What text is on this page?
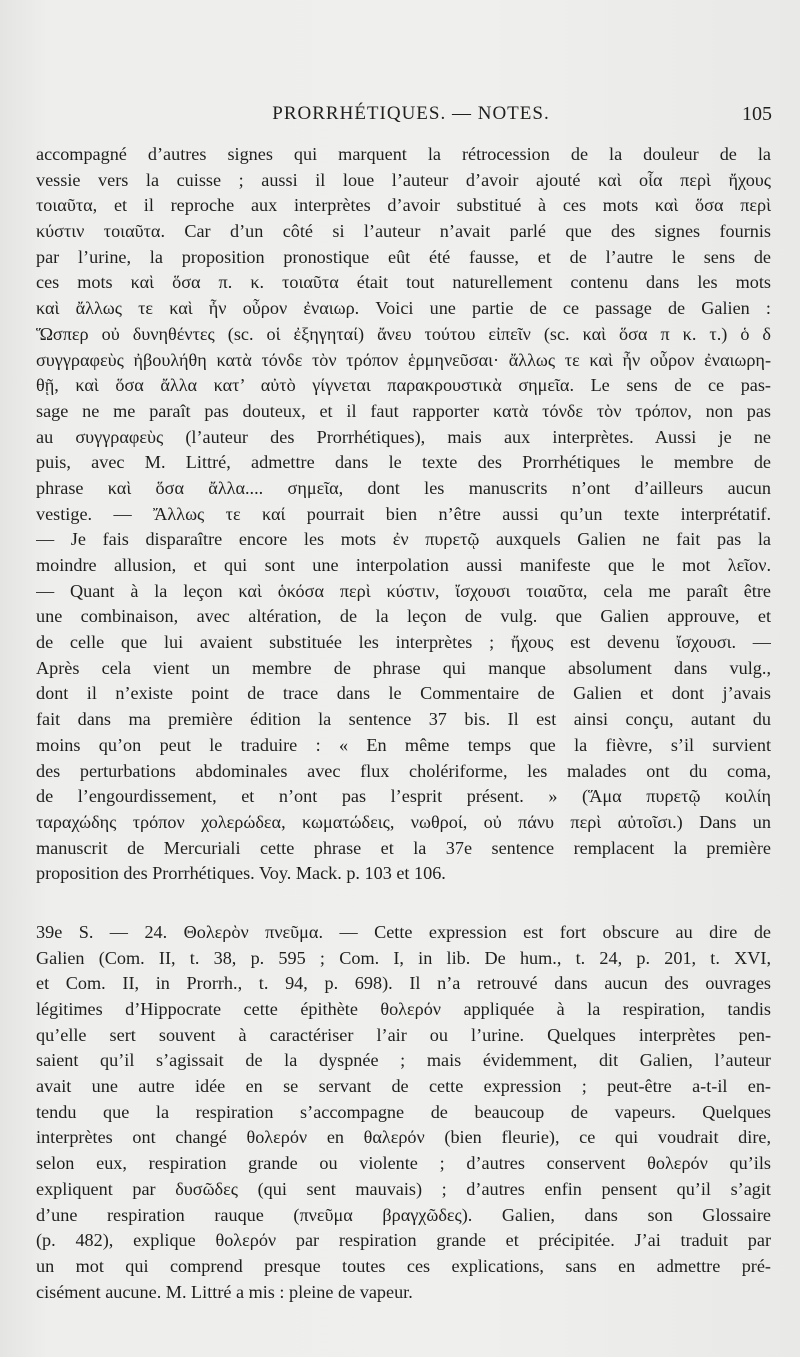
PRORRHÉTIQUES. — NOTES.	105
accompagné d’autres signes qui marquent la rétrocession de la douleur de la
vessie vers la cuisse ; aussi il loue l’auteur d’avoir ajouté καὶ οἷα περὶ ἤχους
τοιαῦτα, et il reproche aux interprètes d’avoir substitué à ces mots καὶ ὅσα περὶ
κύστιν τοιαῦτα. Car d’un côté si l’auteur n’avait parlé que des signes fournis
par l’urine, la proposition pronostique eût été fausse, et de l’autre le sens de
ces mots καὶ ὅσα π. κ. τοιαῦτα était tout naturellement contenu dans les mots
καὶ ἄλλως τε καὶ ἦν οὖρον ἐναιωρ. Voici une partie de ce passage de Galien :
Ὥσπερ οὐ δυνηθέντες (sc. οἱ ἐξηγηταί) ἄνευ τούτου εἰπεῖν (sc. καὶ ὅσα π κ. τ.) ὁ δ
συγγραφεὺς ἠβουλήθη κατὰ τόνδε τὸν τρόπον ἑρμηνεῦσαι· ἄλλως τε καὶ ἦν οὖρον ἐναιωρη-
θῇ, καὶ ὅσα ἄλλα κατ’ αὐτὸ γίγνεται παρακρουστικὰ σημεῖα. Le sens de ce pas-
sage ne me paraît pas douteux, et il faut rapporter κατὰ τόνδε τὸν τρόπον, non pas
au συγγραφεὺς (l’auteur des Prorrhétiques), mais aux interprètes. Aussi je ne
puis, avec M. Littré, admettre dans le texte des Prorrhétiques le membre de
phrase καὶ ὅσα ἄλλα.... σημεῖα, dont les manuscrits n’ont d’ailleurs aucun
vestige. — Ἄλλως τε καί pourrait bien n’être aussi qu’un texte interprétatif.
— Je fais disparaître encore les mots ἐν πυρετῷ auxquels Galien ne fait pas la
moindre allusion, et qui sont une interpolation aussi manifeste que le mot λεῖον.
— Quant à la leçon καὶ ὁκόσα περὶ κύστιν, ἴσχουσι τοιαῦτα, cela me paraît être
une combinaison, avec altération, de la leçon de vulg. que Galien approuve, et
de celle que lui avaient substituée les interprètes ; ἤχους est devenu ἴσχουσι. —
Après cela vient un membre de phrase qui manque absolument dans vulg.,
dont il n’existe point de trace dans le Commentaire de Galien et dont j’avais
fait dans ma première édition la sentence 37 bis. Il est ainsi conçu, autant du
moins qu’on peut le traduire : « En même temps que la fièvre, s’il survient
des perturbations abdominales avec flux cholériforme, les malades ont du coma,
de l’engourdissement, et n’ont pas l’esprit présent. » (Ἅμα πυρετῷ κοιλίη
ταραχώδης τρόπον χολερώδεα, κωματώδεις, νωθροί, οὐ πάνυ περὶ αὐτοῖσι.) Dans un
manuscrit de Mercuriali cette phrase et la 37e sentence remplacent la première
proposition des Prorrhétiques. Voy. Mack. p. 103 et 106.
39e S. — 24. Θολερὸν πνεῦμα. — Cette expression est fort obscure au dire de
Galien (Com. II, t. 38, p. 595 ; Com. I, in lib. De hum., t. 24, p. 201, t. XVI,
et Com. II, in Prorrh., t. 94, p. 698). Il n’a retrouvé dans aucun des ouvrages
légitimes d’Hippocrate cette épithète θολερόν appliquée à la respiration, tandis
qu’elle sert souvent à caractériser l’air ou l’urine. Quelques interprètes pen-
saient qu’il s’agissait de la dyspnée ; mais évidemment, dit Galien, l’auteur
avait une autre idée en se servant de cette expression ; peut-être a-t-il en-
tendu que la respiration s’accompagne de beaucoup de vapeurs. Quelques
interprètes ont changé θολερόν en θαλερόν (bien fleurie), ce qui voudrait dire,
selon eux, respiration grande ou violente ; d’autres conservent θολερόν qu’ils
expliquent par δυσῶδες (qui sent mauvais) ; d’autres enfin pensent qu’il s’agit
d’une respiration rauque (πνεῦμα βραγχῶδες). Galien, dans son Glossaire
(p. 482), explique θολερόν par respiration grande et précipitée. J’ai traduit par
un mot qui comprend presque toutes ces explications, sans en admettre pré-
cisément aucune. M. Littré a mis : pleine de vapeur.
